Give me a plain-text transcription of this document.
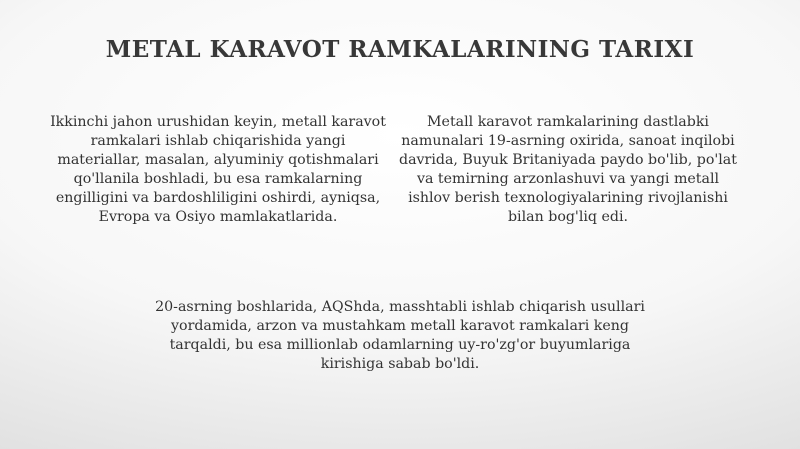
METAL KARAVOT RAMKALARINING TARIXI

Ikkinchi jahon urushidan keyin, metall karavot ramkalari ishlab chiqarishida yangi materiallar, masalan, alyuminiy qotishmalari qo'llanila boshladi, bu esa ramkalarning engilligini va bardoshliligini oshirdi, ayniqsa, Evropa va Osiyo mamlakatlarida.

Metall karavot ramkalarining dastlabki namunalari 19-asrning oxirida, sanoat inqilobi davrida, Buyuk Britaniyada paydo bo'lib, po'lat va temirning arzonlashuvi va yangi metall ishlov berish texnologiyalarining rivojlanishi bilan bog'liq edi.

20-asrning boshlarida, AQShda, masshtabli ishlab chiqarish usullari yordamida, arzon va mustahkam metall karavot ramkalari keng tarqaldi, bu esa millionlab odamlarning uy-ro'zg'or buyumlariga kirishiga sabab bo'ldi.
